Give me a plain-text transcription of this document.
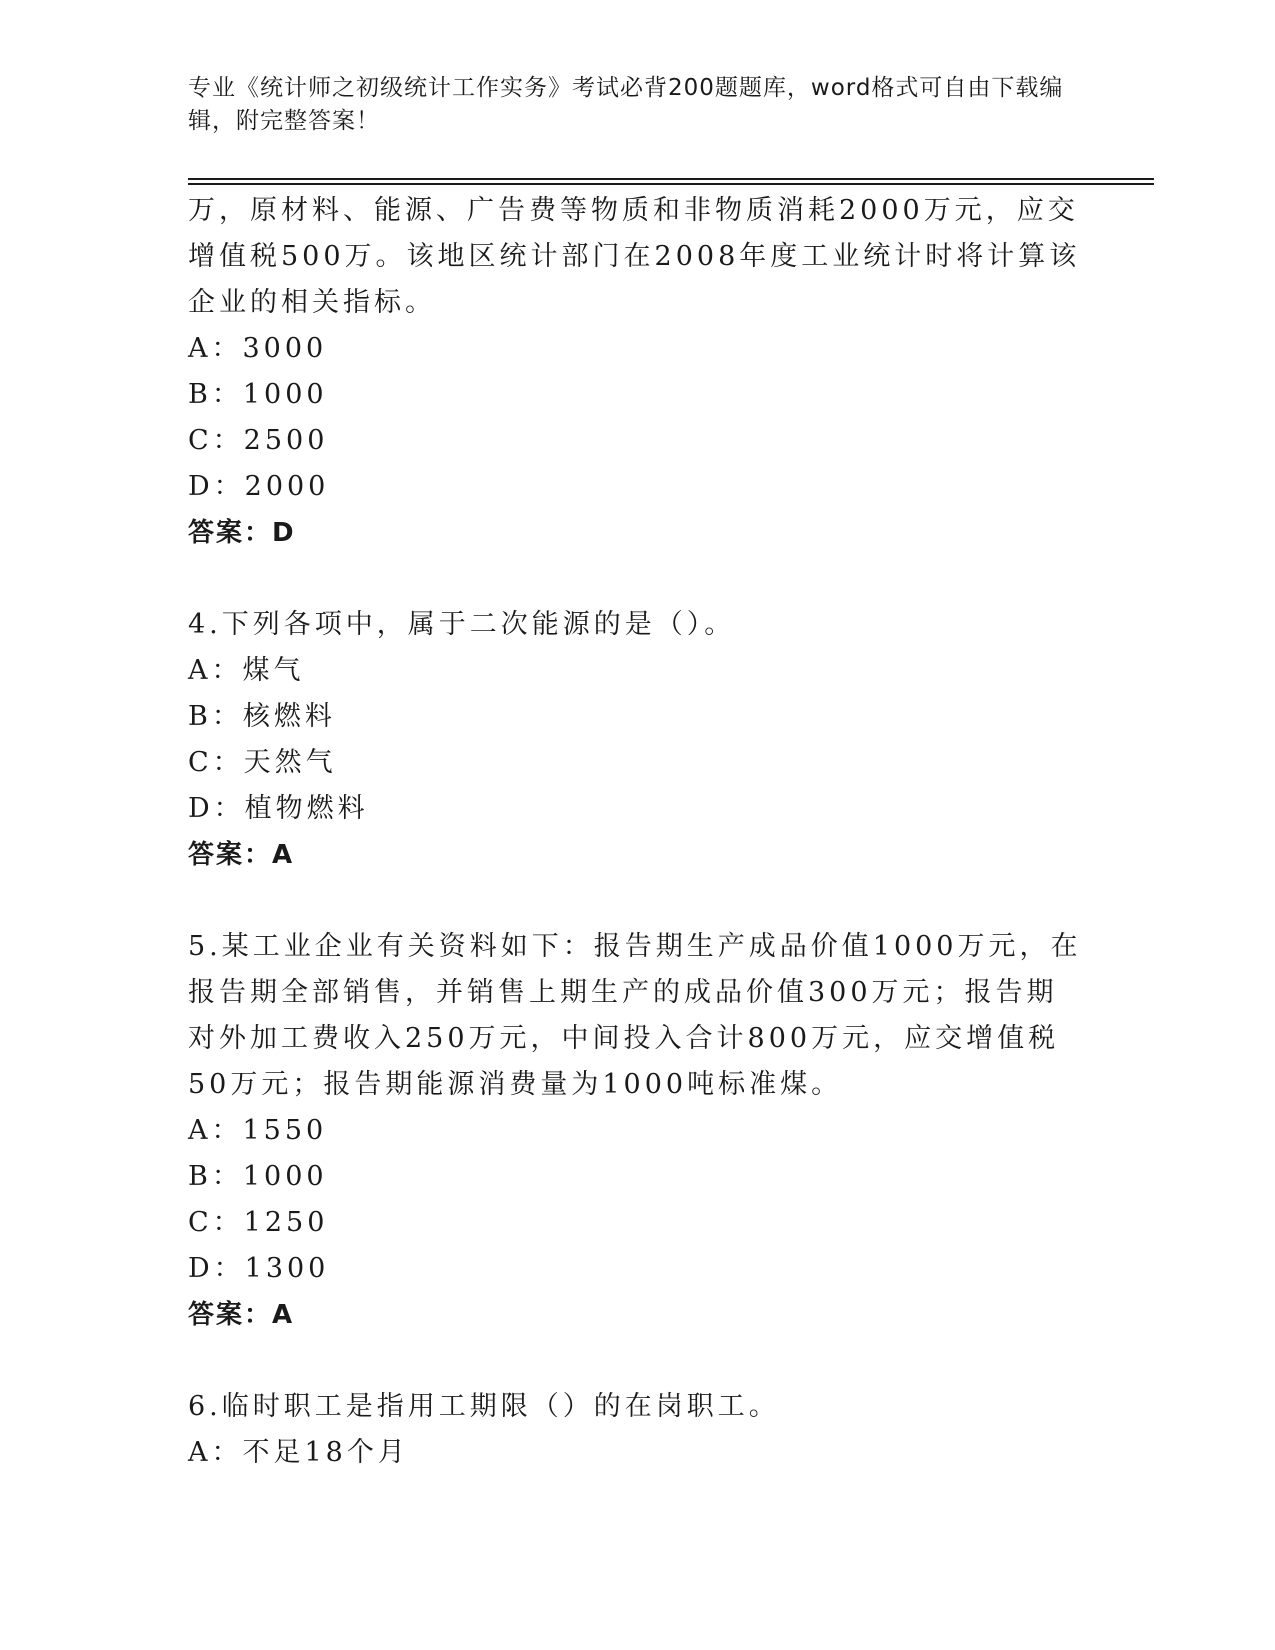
专业《统计师之初级统计工作实务》考试必背200题题库，word格式可自由下载编辑，附完整答案！

万，原材料、能源、广告费等物质和非物质消耗2000万元，应交增值税500万。该地区统计部门在2008年度工业统计时将计算该企业的相关指标。

A：3000

B：1000

C：2500

D：2000

答案：D

4.下列各项中，属于二次能源的是（）。

A：煤气

B：核燃料

C：天然气

D：植物燃料

答案：A

5.某工业企业有关资料如下：报告期生产成品价值1000万元，在报告期全部销售，并销售上期生产的成品价值300万元；报告期对外加工费收入250万元，中间投入合计800万元，应交增值税50万元；报告期能源消费量为1000吨标准煤。

A：1550

B：1000

C：1250

D：1300

答案：A

6.临时职工是指用工期限（）的在岗职工。

A：不足18个月
